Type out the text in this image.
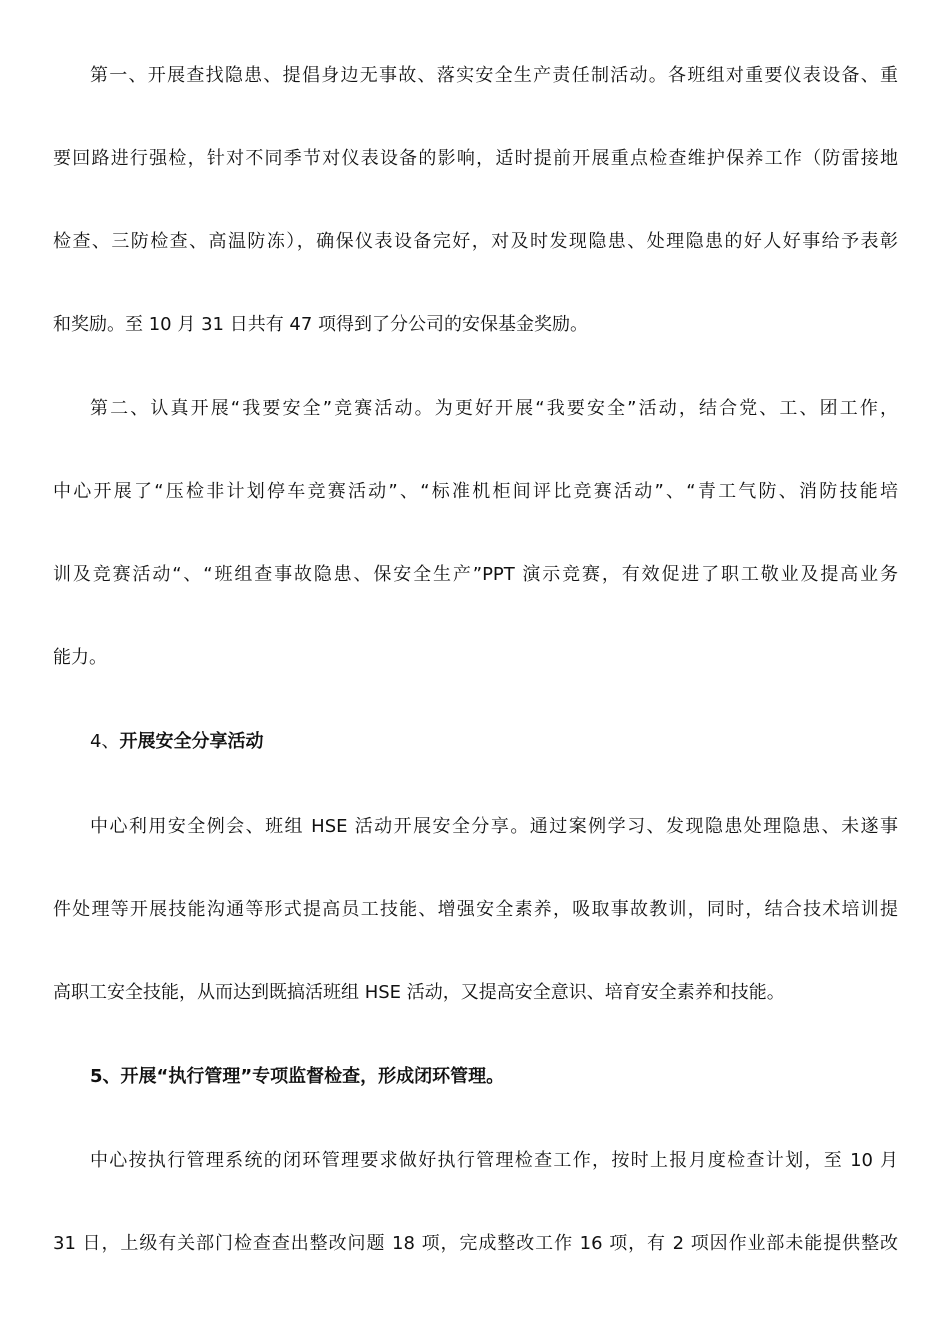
第一、开展查找隐患、提倡身边无事故、落实安全生产责任制活动。各班组对重要仪表设备、重
要回路进行强检，针对不同季节对仪表设备的影响，适时提前开展重点检查维护保养工作（防雷接地
检查、三防检查、高温防冻），确保仪表设备完好，对及时发现隐患、处理隐患的好人好事给予表彰
和奖励。至 10 月 31 日共有 47 项得到了分公司的安保基金奖励。
第二、认真开展“我要安全”竞赛活动。为更好开展“我要安全”活动，结合党、工、团工作，
中心开展了“压检非计划停车竞赛活动”、“标准机柜间评比竞赛活动”、“青工气防、消防技能培
训及竞赛活动“、“班组查事故隐患、保安全生产”PPT 演示竞赛，有效促进了职工敬业及提高业务
能力。
4、开展安全分享活动
中心利用安全例会、班组 HSE 活动开展安全分享。通过案例学习、发现隐患处理隐患、未遂事
件处理等开展技能沟通等形式提高员工技能、增强安全素养，吸取事故教训，同时，结合技术培训提
高职工安全技能，从而达到既搞活班组 HSE 活动，又提高安全意识、培育安全素养和技能。
5、开展“执行管理”专项监督检查，形成闭环管理。
中心按执行管理系统的闭环管理要求做好执行管理检查工作，按时上报月度检查计划，至 10 月
31 日，上级有关部门检查查出整改问题 18 项，完成整改工作 16 项，有 2 项因作业部未能提供整改
